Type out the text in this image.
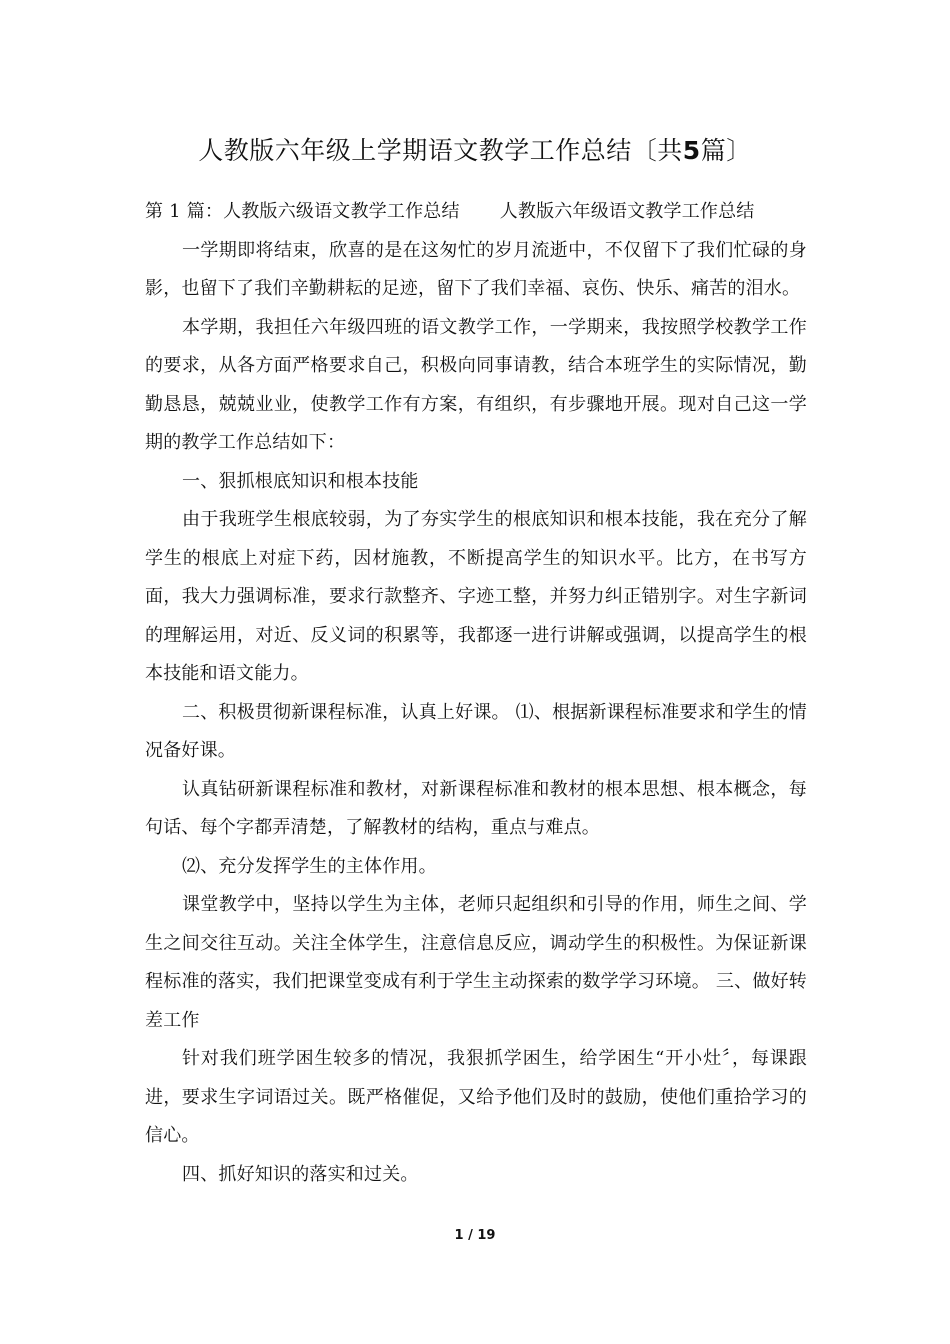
人教版六年级上学期语文教学工作总结〔共5篇〕

第 1 篇：人教版六级语文教学工作总结 人教版六年级语文教学工作总结

一学期即将结束，欣喜的是在这匆忙的岁月流逝中，不仅留下了我们忙碌的身影，也留下了我们辛勤耕耘的足迹，留下了我们幸福、哀伤、快乐、痛苦的泪水。

本学期，我担任六年级四班的语文教学工作，一学期来，我按照学校教学工作的要求，从各方面严格要求自己，积极向同事请教，结合本班学生的实际情况，勤勤恳恳，兢兢业业，使教学工作有方案，有组织，有步骤地开展。现对自己这一学期的教学工作总结如下：

一、狠抓根底知识和根本技能

由于我班学生根底较弱，为了夯实学生的根底知识和根本技能，我在充分了解学生的根底上对症下药，因材施教，不断提高学生的知识水平。比方，在书写方面，我大力强调标准，要求行款整齐、字迹工整，并努力纠正错别字。对生字新词的理解运用，对近、反义词的积累等，我都逐一进行讲解或强调，以提高学生的根本技能和语文能力。

二、积极贯彻新课程标准，认真上好课。 ⑴、根据新课程标准要求和学生的情况备好课。

认真钻研新课程标准和教材，对新课程标准和教材的根本思想、根本概念，每句话、每个字都弄清楚，了解教材的结构，重点与难点。

⑵、充分发挥学生的主体作用。

课堂教学中，坚持以学生为主体，老师只起组织和引导的作用，师生之间、学生之间交往互动。关注全体学生，注意信息反应，调动学生的积极性。为保证新课程标准的落实，我们把课堂变成有利于学生主动探索的数学学习环境。 三、做好转差工作

针对我们班学困生较多的情况，我狠抓学困生，给学困生“开小灶〞，每课跟进，要求生字词语过关。既严格催促，又给予他们及时的鼓励，使他们重拾学习的信心。

四、抓好知识的落实和过关。

1 / 19
